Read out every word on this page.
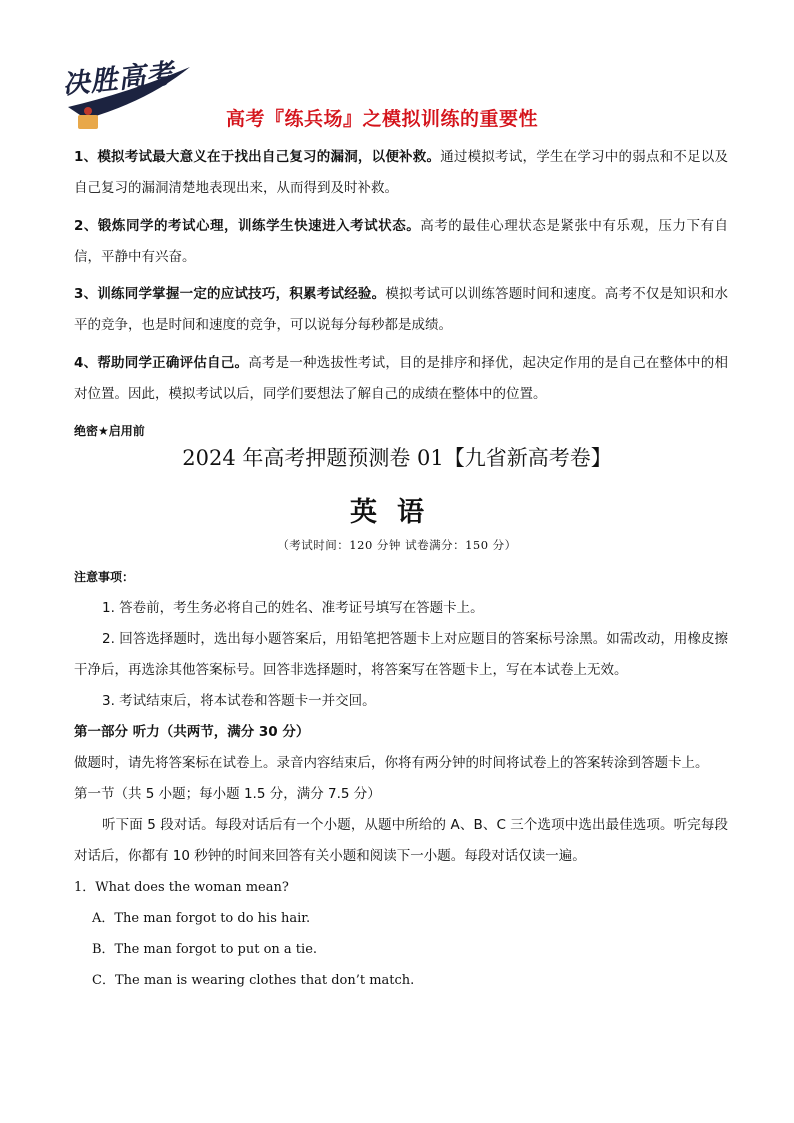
决胜高考
高考『练兵场』之模拟训练的重要性

1、模拟考试最大意义在于找出自己复习的漏洞，以便补救。通过模拟考试，学生在学习中的弱点和不足以及自己复习的漏洞清楚地表现出来，从而得到及时补救。

2、锻炼同学的考试心理，训练学生快速进入考试状态。高考的最佳心理状态是紧张中有乐观，压力下有自信，平静中有兴奋。

3、训练同学掌握一定的应试技巧，积累考试经验。模拟考试可以训练答题时间和速度。高考不仅是知识和水平的竞争，也是时间和速度的竞争，可以说每分每秒都是成绩。

4、帮助同学正确评估自己。高考是一种选拔性考试，目的是排序和择优，起决定作用的是自己在整体中的相对位置。因此，模拟考试以后，同学们要想法了解自己的成绩在整体中的位置。

绝密★启用前
2024 年高考押题预测卷 01【九省新高考卷】
英语
（考试时间：120 分钟 试卷满分：150 分）

注意事项：

1. 答卷前，考生务必将自己的姓名、准考证号填写在答题卡上。

2. 回答选择题时，选出每小题答案后，用铅笔把答题卡上对应题目的答案标号涂黑。如需改动，用橡皮擦干净后，再选涂其他答案标号。回答非选择题时，将答案写在答题卡上，写在本试卷上无效。

3. 考试结束后，将本试卷和答题卡一并交回。

第一部分 听力（共两节，满分 30 分）

做题时，请先将答案标在试卷上。录音内容结束后，你将有两分钟的时间将试卷上的答案转涂到答题卡上。

第一节（共 5 小题；每小题 1.5 分，满分 7.5 分）

听下面 5 段对话。每段对话后有一个小题，从题中所给的 A、B、C 三个选项中选出最佳选项。听完每段对话后，你都有 10 秒钟的时间来回答有关小题和阅读下一小题。每段对话仅读一遍。

1．What does the woman mean?

A．The man forgot to do his hair.

B．The man forgot to put on a tie.

C．The man is wearing clothes that don’t match.
